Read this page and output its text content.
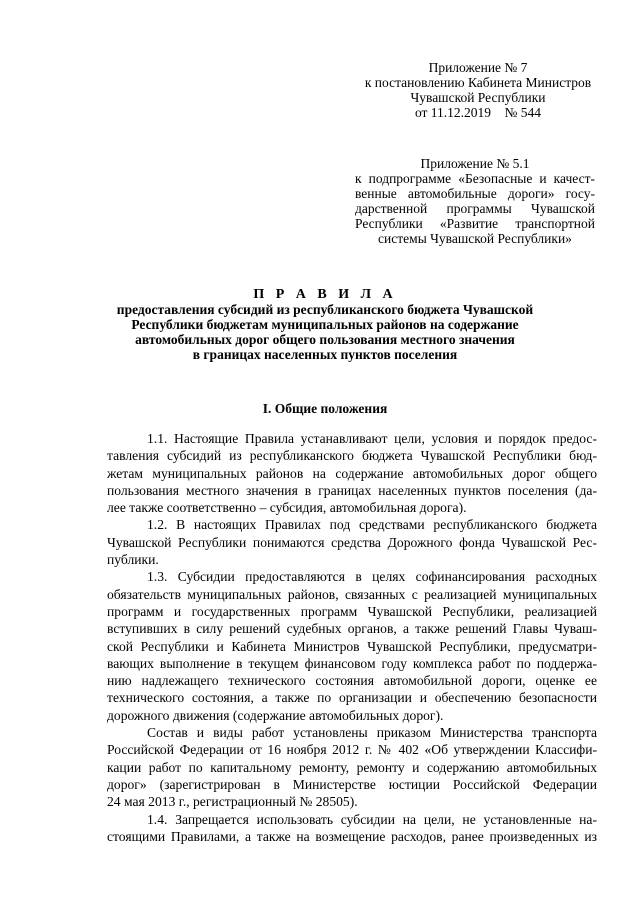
Приложение № 7
к постановлению Кабинета Министров
Чувашской Республики
от 11.12.2019    № 544
Приложение № 5.1
к подпрограмме «Безопасные и качест-
венные автомобильные дороги» госу-
дарственной программы Чувашской
Республики «Развитие транспортной
системы Чувашской Республики»
П Р А В И Л А
предоставления субсидий из республиканского бюджета Чувашской
Республики бюджетам муниципальных районов на содержание
автомобильных дорог общего пользования местного значения
в границах населенных пунктов поселения
I. Общие положения
1.1. Настоящие Правила устанавливают цели, условия и порядок предос-
тавления субсидий из республиканского бюджета Чувашской Республики бюд-
жетам муниципальных районов на содержание автомобильных дорог общего
пользования местного значения в границах населенных пунктов поселения (да-
лее также соответственно – субсидия, автомобильная дорога).
1.2. В настоящих Правилах под средствами республиканского бюджета
Чувашской Республики понимаются средства Дорожного фонда Чувашской Рес-
публики.
1.3. Субсидии предоставляются в целях софинансирования расходных
обязательств муниципальных районов, связанных с реализацией муниципальных
программ и государственных программ Чувашской Республики, реализацией
вступивших в силу решений судебных органов, а также решений Главы Чуваш-
ской Республики и Кабинета Министров Чувашской Республики, предусматри-
вающих выполнение в текущем финансовом году комплекса работ по поддержа-
нию надлежащего технического состояния автомобильной дороги, оценке ее
технического состояния, а также по организации и обеспечению безопасности
дорожного движения (содержание автомобильных дорог).
Состав и виды работ установлены приказом Министерства транспорта
Российской Федерации от 16 ноября 2012 г. № 402 «Об утверждении Классифи-
кации работ по капитальному ремонту, ремонту и содержанию автомобильных
дорог» (зарегистрирован в Министерстве юстиции Российской Федерации
24 мая 2013 г., регистрационный № 28505).
1.4. Запрещается использовать субсидии на цели, не установленные на-
стоящими Правилами, а также на возмещение расходов, ранее произведенных из
